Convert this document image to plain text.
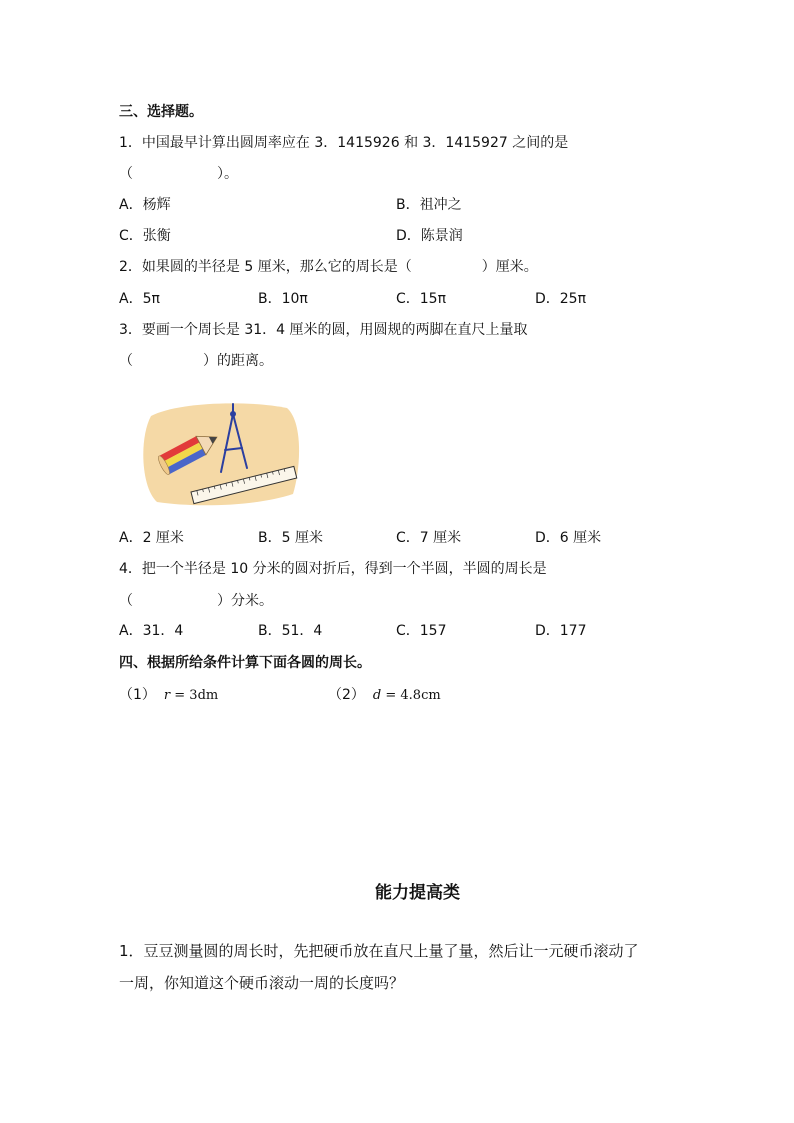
三、选择题。
1．中国最早计算出圆周率应在 3．1415926 和 3．1415927 之间的是
（　　　　　　）。
A．杨辉	B．祖冲之
C．张衡	D．陈景润
2．如果圆的半径是 5 厘米，那么它的周长是（　　　　　）厘米。
A．5π	B．10π	C．15π	D．25π
3．要画一个周长是 31．4 厘米的圆，用圆规的两脚在直尺上量取
（　　　　　）的距离。
A．2 厘米	B．5 厘米	C．7 厘米	D．6 厘米
4．把一个半径是 10 分米的圆对折后，得到一个半圆，半圆的周长是
（　　　　　　）分米。
A．31．4	B．51．4	C．157	D．177
四、根据所给条件计算下面各圆的周长。
（1） r = 3dm	（2） d = 4.8cm
能力提高类
1．豆豆测量圆的周长时，先把硬币放在直尺上量了量，然后让一元硬币滚动了
一周，你知道这个硬币滚动一周的长度吗？
